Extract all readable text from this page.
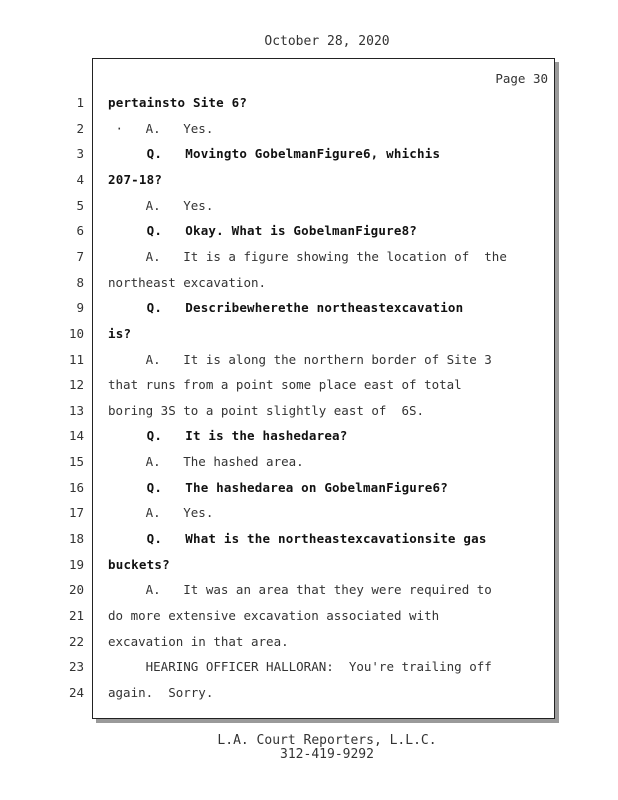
October 28, 2020
Page 30
1 pertainsto Site 6?
2 ·   A.   Yes.
3 Q.   Movingto GobelmanFigure6, whichis
4 207-18?
5 A.   Yes.
6 Q.   Okay. What is GobelmanFigure8?
7 A.   It is a figure showing the location of  the
8 northeast excavation.
9 Q.   Describewherethe northeastexcavation
10 is?
11 A.   It is along the northern border of Site 3
12 that runs from a point some place east of total
13 boring 3S to a point slightly east of  6S.
14 Q.   It is the hashedarea?
15 A.   The hashed area.
16 Q.   The hashedarea on GobelmanFigure6?
17 A.   Yes.
18 Q.   What is the northeastexcavationsite gas
19 buckets?
20 A.   It was an area that they were required to
21 do more extensive excavation associated with
22 excavation in that area.
23 HEARING OFFICER HALLORAN:  You're trailing off
24 again.  Sorry.
L.A. Court Reporters, L.L.C.
312-419-9292
